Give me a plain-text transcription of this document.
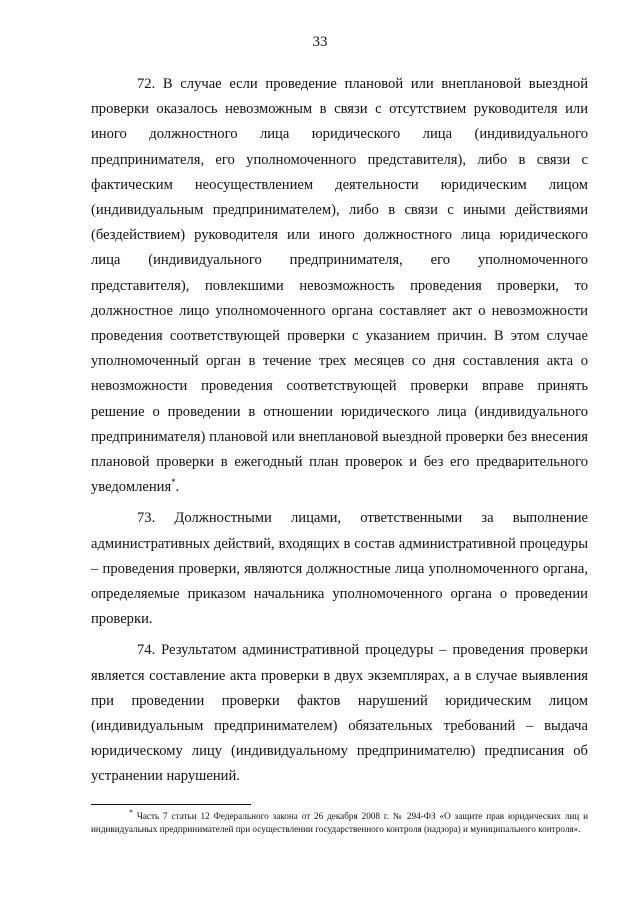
33

72. В случае если проведение плановой или внеплановой выездной проверки оказалось невозможным в связи с отсутствием руководителя или иного должностного лица юридического лица (индивидуального предпринимателя, его уполномоченного представителя), либо в связи с фактическим неосуществлением деятельности юридическим лицом (индивидуальным предпринимателем), либо в связи с иными действиями (бездействием) руководителя или иного должностного лица юридического лица (индивидуального предпринимателя, его уполномоченного представителя), повлекшими невозможность проведения проверки, то должностное лицо уполномоченного органа составляет акт о невозможности проведения соответствующей проверки с указанием причин. В этом случае уполномоченный орган в течение трех месяцев со дня составления акта о невозможности проведения соответствующей проверки вправе принять решение о проведении в отношении юридического лица (индивидуального предпринимателя) плановой или внеплановой выездной проверки без внесения плановой проверки в ежегодный план проверок и без его предварительного уведомления*.

73. Должностными лицами, ответственными за выполнение административных действий, входящих в состав административной процедуры – проведения проверки, являются должностные лица уполномоченного органа, определяемые приказом начальника уполномоченного органа о проведении проверки.

74. Результатом административной процедуры – проведения проверки является составление акта проверки в двух экземплярах, а в случае выявления при проведении проверки фактов нарушений юридическим лицом (индивидуальным предпринимателем) обязательных требований – выдача юридическому лицу (индивидуальному предпринимателю) предписания об устранении нарушений.

* Часть 7 статьи 12 Федерального закона от 26 декабря 2008 г. № 294-ФЗ «О защите прав юридических лиц и индивидуальных предпринимателей при осуществлении государственного контроля (надзора) и муниципального контроля».
